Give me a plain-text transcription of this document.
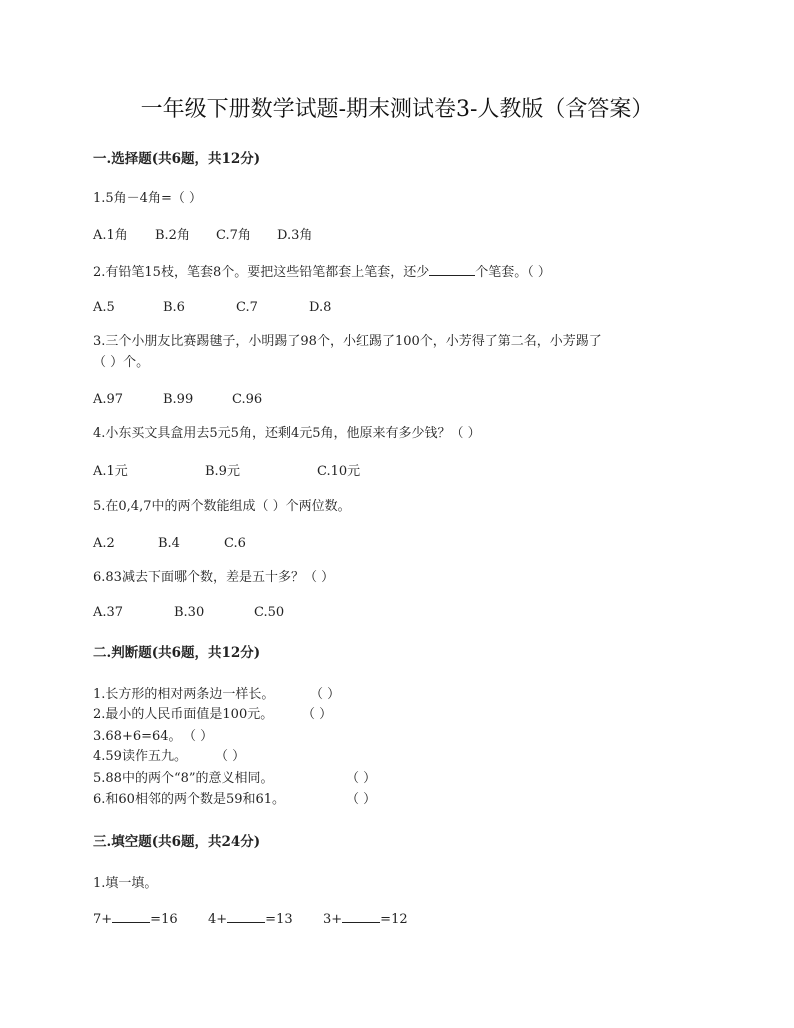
一年级下册数学试题-期末测试卷3-人教版（含答案）
一.选择题(共6题，共12分)
1.5角－4角=（ ）
A.1角 B.2角 C.7角 D.3角
2.有铅笔15枝，笔套8个。要把这些铅笔都套上笔套，还少	个笔套。（ ）
A.5	B.6	C.7	D.8
3.三个小朋友比赛踢毽子，小明踢了98个，小红踢了100个，小芳得了第二名，小芳踢了
（ ）个。
A.97	B.99	C.96
4.小东买文具盒用去5元5角，还剩4元5角，他原来有多少钱？（ ）
A.1元	B.9元	C.10元
5.在0,4,7中的两个数能组成（ ）个两位数。
A.2	B.4	C.6
6.83减去下面哪个数，差是五十多？（ ）
A.37	B.30	C.50
二.判断题(共6题，共12分)
1.长方形的相对两条边一样长。	（ ）
2.最小的人民币面值是100元。 （ ）
3.68+6=64。 （ ）
4.59读作五九。 （ ）
5.88中的两个“8”的意义相同。	（ ）
6.和60相邻的两个数是59和61。	（ ）
三.填空题(共6题，共24分)
1.填一填。
7+	=16 4+	=13 3+	=12
